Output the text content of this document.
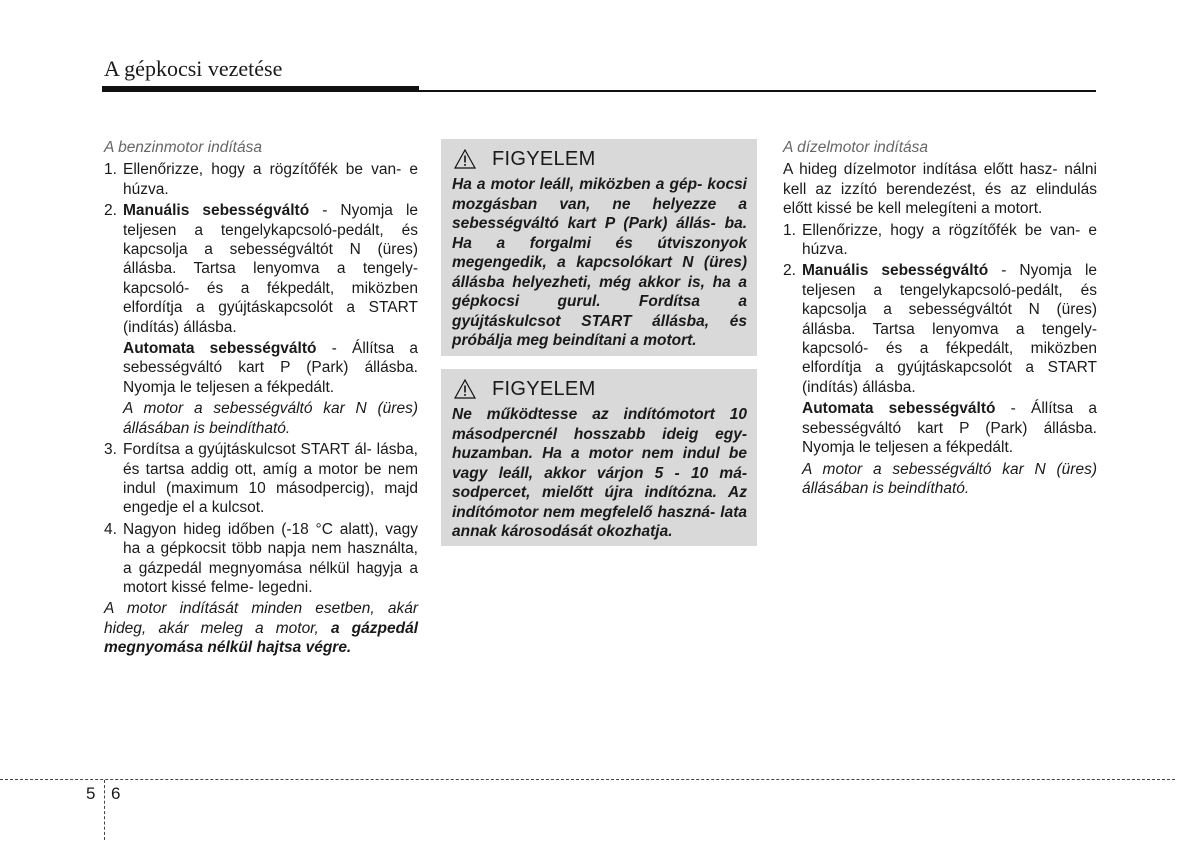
A gépkocsi vezetése
A benzinmotor indítása
1. Ellenőrizze, hogy a rögzítőfék be van- e húzva.
2. Manuális sebességváltó - Nyomja le teljesen a tengelykapcsoló-pedált, és kapcsolja a sebességváltót N (üres) állásba. Tartsa lenyomva a tengely- kapcsoló- és a fékpedált, miközben elfordítja a gyújtáskapcsolót a START (indítás) állásba.
Automata sebességváltó - Állítsa a sebességváltó kart P (Park) állásba. Nyomja le teljesen a fékpedált.
A motor a sebességváltó kar N (üres) állásában is beindítható.
3. Fordítsa a gyújtáskulcsot START ál- lásba, és tartsa addig ott, amíg a motor be nem indul (maximum 10 másodpercig), majd engedje el a kulcsot.
4. Nagyon hideg időben (-18 °C alatt), vagy ha a gépkocsit több napja nem használta, a gázpedál megnyomása nélkül hagyja a motort kissé felme- legedni.

A motor indítását minden esetben, akár hideg, akár meleg a motor, a gázpedál megnyomása nélkül hajtsa végre.

FIGYELEM
Ha a motor leáll, miközben a gép- kocsi mozgásban van, ne helyezze a sebességváltó kart P (Park) állás- ba. Ha a forgalmi és útviszonyok megengedik, a kapcsolókart N (üres) állásba helyezheti, még akkor is, ha a gépkocsi gurul. Fordítsa a gyújtáskulcsot START állásba, és próbálja meg beindítani a motort.
FIGYELEM
Ne működtesse az indítómotort 10 másodpercnél hosszabb ideig egy- huzamban. Ha a motor nem indul be vagy leáll, akkor várjon 5 - 10 má- sodpercet, mielőtt újra indítózna. Az indítómotor nem megfelelő haszná- lata annak károsodását okozhatja.
A dízelmotor indítása

A hideg dízelmotor indítása előtt hasz- nálni kell az izzító berendezést, és az elindulás előtt kissé be kell melegíteni a motort.

1. Ellenőrizze, hogy a rögzítőfék be van- e húzva.
2. Manuális sebességváltó - Nyomja le teljesen a tengelykapcsoló-pedált, és kapcsolja a sebességváltót N (üres) állásba. Tartsa lenyomva a tengely- kapcsoló- és a fékpedált, miközben elfordítja a gyújtáskapcsolót a START (indítás) állásba.
Automata sebességváltó - Állítsa a sebességváltó kart P (Park) állásba. Nyomja le teljesen a fékpedált.
A motor a sebességváltó kar N (üres) állásában is beindítható.
5 6
